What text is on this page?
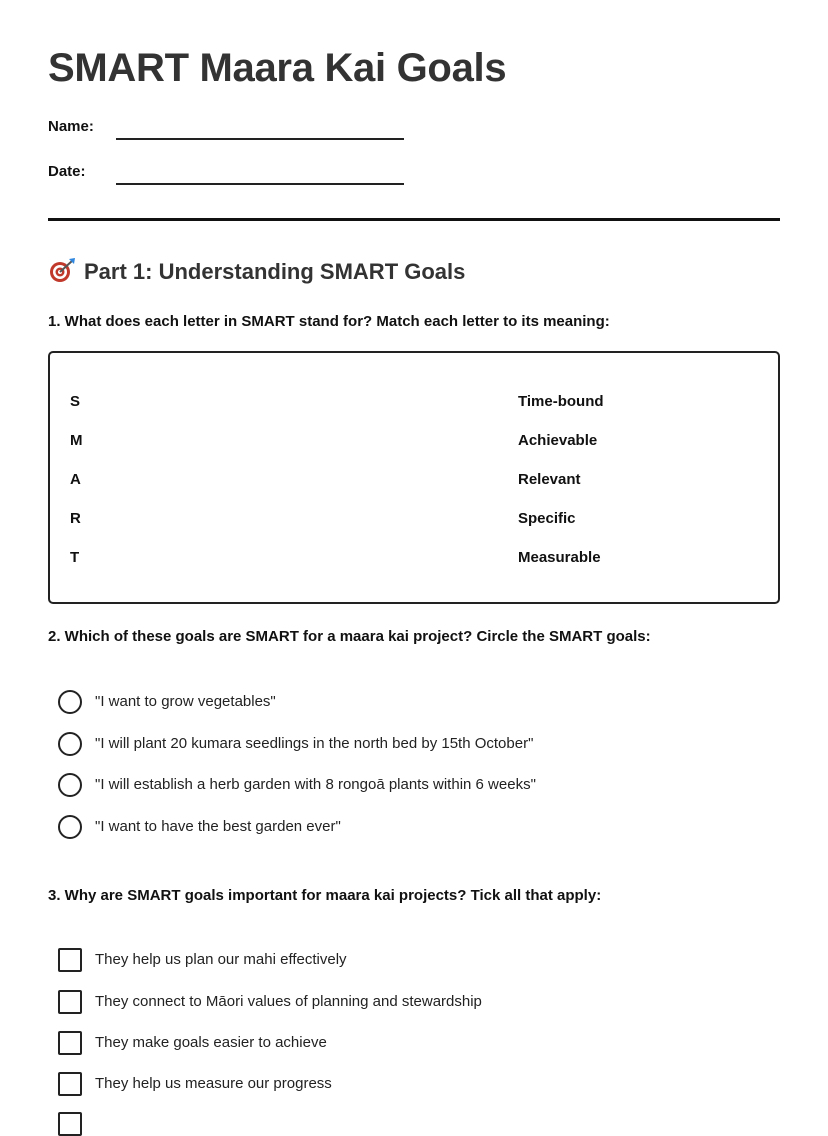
SMART Maara Kai Goals
Name:
Date:
Part 1: Understanding SMART Goals
1. What does each letter in SMART stand for? Match each letter to its meaning:
S
M
A
R
T
Time-bound
Achievable
Relevant
Specific
Measurable
2. Which of these goals are SMART for a maara kai project? Circle the SMART goals:
"I want to grow vegetables"
"I will plant 20 kumara seedlings in the north bed by 15th October"
"I will establish a herb garden with 8 rongoā plants within 6 weeks"
"I want to have the best garden ever"
3. Why are SMART goals important for maara kai projects? Tick all that apply:
They help us plan our mahi effectively
They connect to Māori values of planning and stewardship
They make goals easier to achieve
They help us measure our progress
